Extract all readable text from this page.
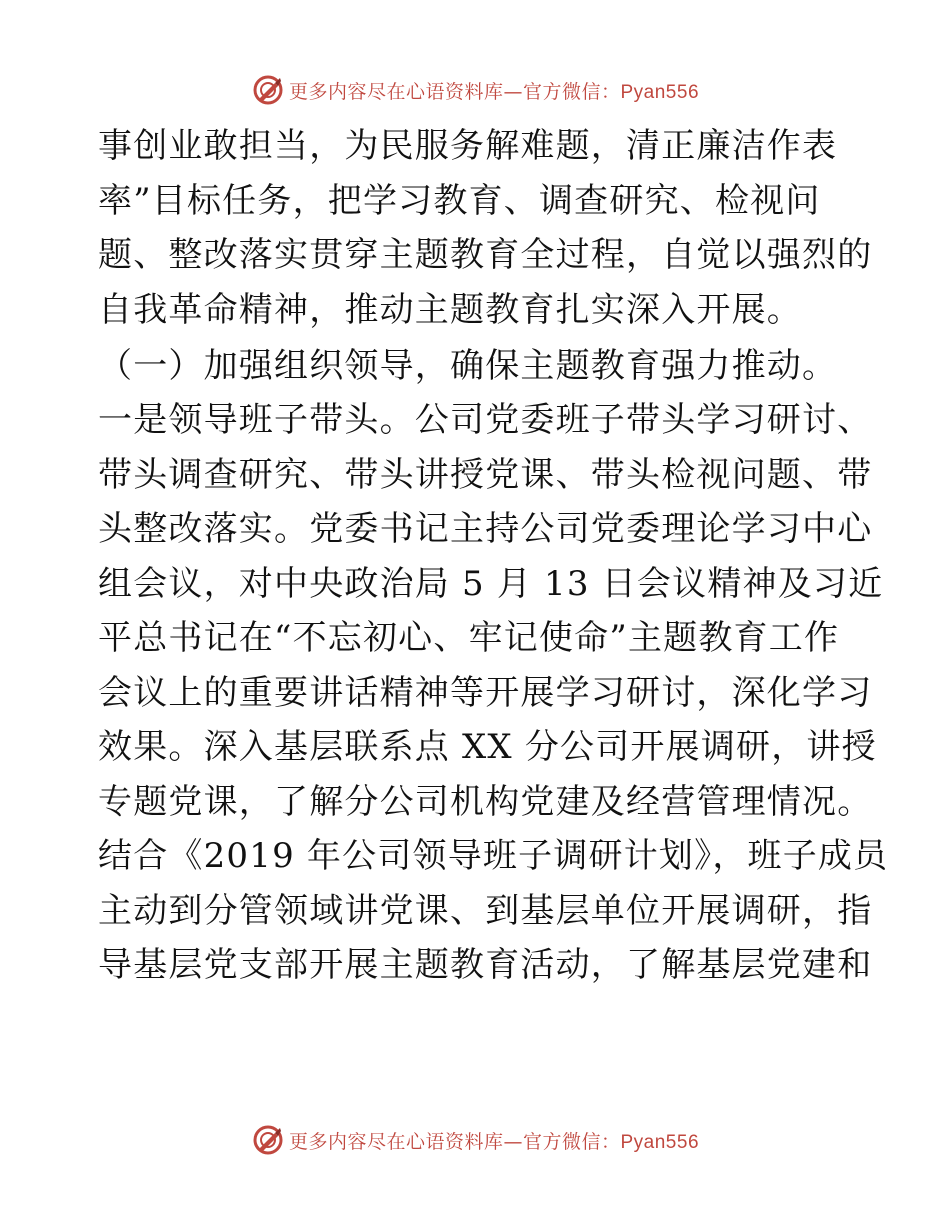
更多内容尽在心语资料库—官方微信：Pyan556
事创业敢担当，为民服务解难题，清正廉洁作表
率”目标任务，把学习教育、调查研究、检视问
题、整改落实贯穿主题教育全过程，自觉以强烈的
自我革命精神，推动主题教育扎实深入开展。
（一）加强组织领导，确保主题教育强力推动。
一是领导班子带头。公司党委班子带头学习研讨、
带头调查研究、带头讲授党课、带头检视问题、带
头整改落实。党委书记主持公司党委理论学习中心
组会议，对中央政治局 5 月 13 日会议精神及习近
平总书记在“不忘初心、牢记使命”主题教育工作
会议上的重要讲话精神等开展学习研讨，深化学习
效果。深入基层联系点 XX 分公司开展调研，讲授
专题党课，了解分公司机构党建及经营管理情况。
结合《2019 年公司领导班子调研计划》，班子成员
主动到分管领域讲党课、到基层单位开展调研，指
导基层党支部开展主题教育活动，了解基层党建和
更多内容尽在心语资料库—官方微信：Pyan556
